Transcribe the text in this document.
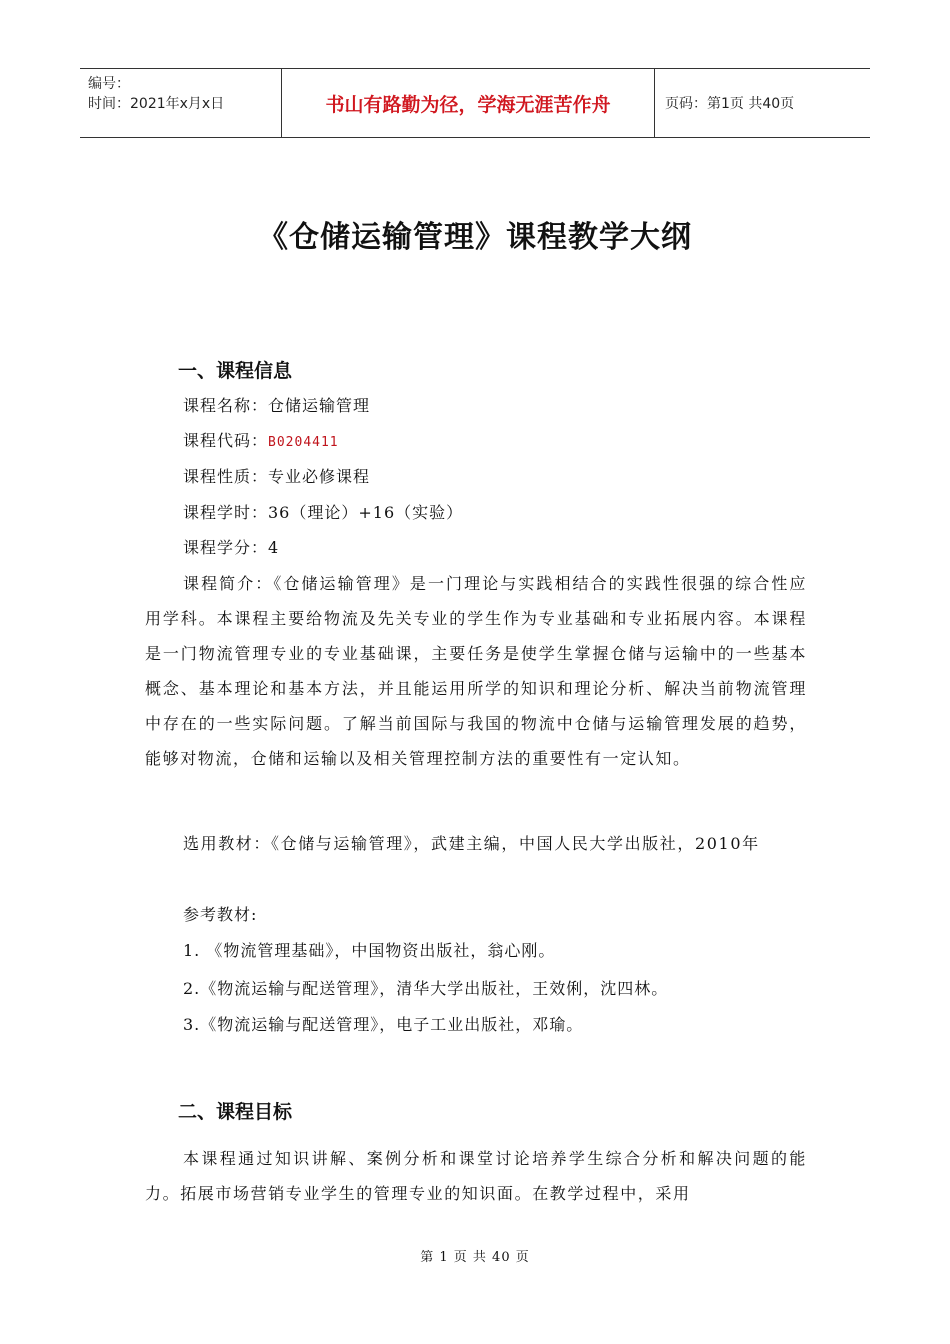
编号：
时间：2021年x月x日	书山有路勤为径，学海无涯苦作舟	页码：第1页 共40页
《仓储运输管理》课程教学大纲
一、课程信息
课程名称：仓储运输管理
课程代码：B0204411
课程性质：专业必修课程
课程学时：36（理论）+16（实验）
课程学分：4
课程简介：《仓储运输管理》是一门理论与实践相结合的实践性很强的综合性应用学科。本课程主要给物流及先关专业的学生作为专业基础和专业拓展内容。本课程是一门物流管理专业的专业基础课，主要任务是使学生掌握仓储与运输中的一些基本概念、基本理论和基本方法，并且能运用所学的知识和理论分析、解决当前物流管理中存在的一些实际问题。了解当前国际与我国的物流中仓储与运输管理发展的趋势，能够对物流，仓储和运输以及相关管理控制方法的重要性有一定认知。
选用教材：《仓储与运输管理》，武建主编，中国人民大学出版社，2010年
参考教材:
1. 《物流管理基础》，中国物资出版社，翁心刚。
2.《物流运输与配送管理》，清华大学出版社，王效俐，沈四林。
3.《物流运输与配送管理》，电子工业出版社，邓瑜。
二、课程目标
本课程通过知识讲解、案例分析和课堂讨论培养学生综合分析和解决问题的能力。拓展市场营销专业学生的管理专业的知识面。在教学过程中，采用
第 1 页 共 40 页
